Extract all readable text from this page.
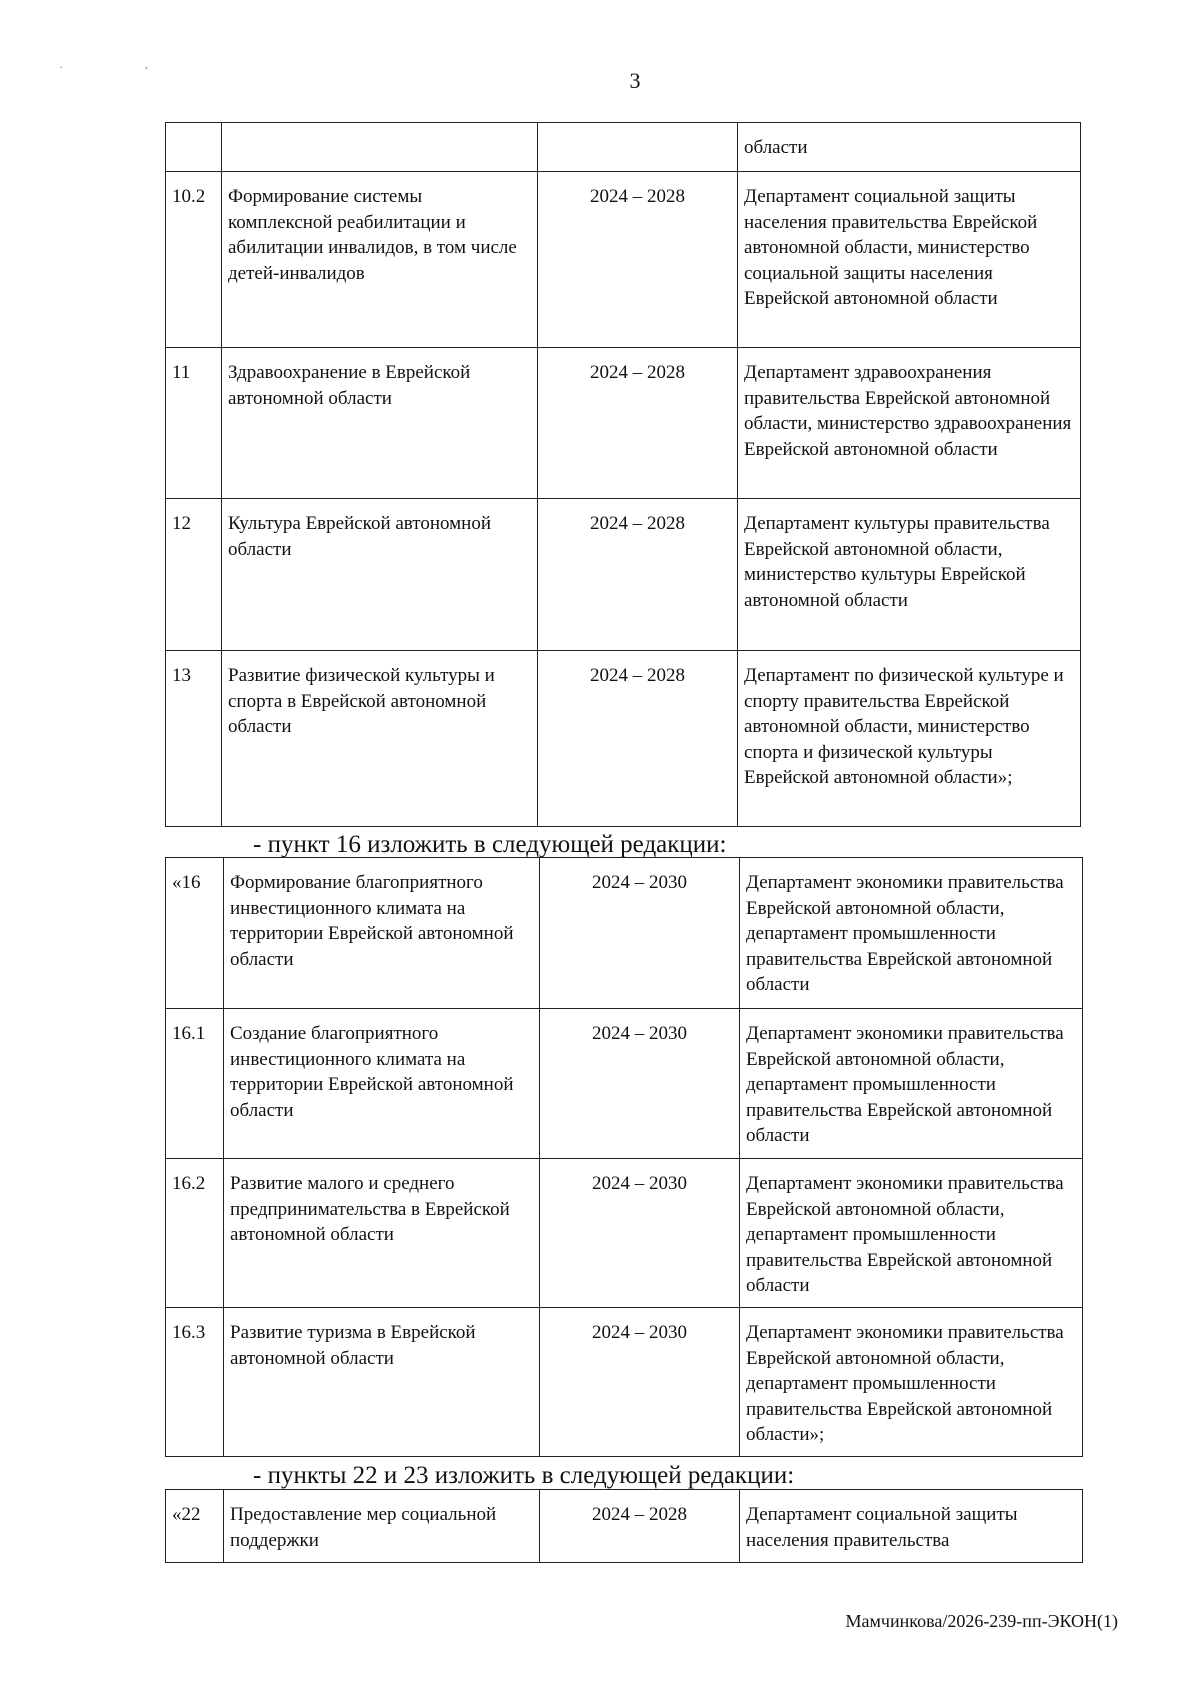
. ,
3
			области
10.2	Формирование системы комплексной реабилитации и абилитации инвалидов, в том числе детей-инвалидов	2024 – 2028	Департамент социальной защиты населения правительства Еврейской автономной области, министерство социальной защиты населения Еврейской автономной области
11	Здравоохранение в Еврейской автономной области	2024 – 2028	Департамент здравоохранения правительства Еврейской автономной области, министерство здравоохранения Еврейской автономной области
12	Культура Еврейской автономной области	2024 – 2028	Департамент культуры правительства Еврейской автономной области, министерство культуры Еврейской автономной области
13	Развитие физической культуры и спорта в Еврейской автономной области	2024 – 2028	Департамент по физической культуре и спорту правительства Еврейской автономной области, министерство спорта и физической культуры Еврейской автономной области»;
- пункт 16 изложить в следующей редакции:
«16	Формирование благоприятного инвестиционного климата на территории Еврейской автономной области	2024 – 2030	Департамент экономики правительства Еврейской автономной области, департамент промышленности правительства Еврейской автономной области
16.1	Создание благоприятного инвестиционного климата на территории Еврейской автономной области	2024 – 2030	Департамент экономики правительства Еврейской автономной области, департамент промышленности правительства Еврейской автономной области
16.2	Развитие малого и среднего предпринимательства в Еврейской автономной области	2024 – 2030	Департамент экономики правительства Еврейской автономной области, департамент промышленности правительства Еврейской автономной области
16.3	Развитие туризма в Еврейской автономной области	2024 – 2030	Департамент экономики правительства Еврейской автономной области, департамент промышленности правительства Еврейской автономной области»;
- пункты 22 и 23 изложить в следующей редакции:
«22	Предоставление мер социальной поддержки	2024 – 2028	Департамент социальной защиты населения правительства
Мамчинкова/2026-239-пп-ЭКОН(1)
